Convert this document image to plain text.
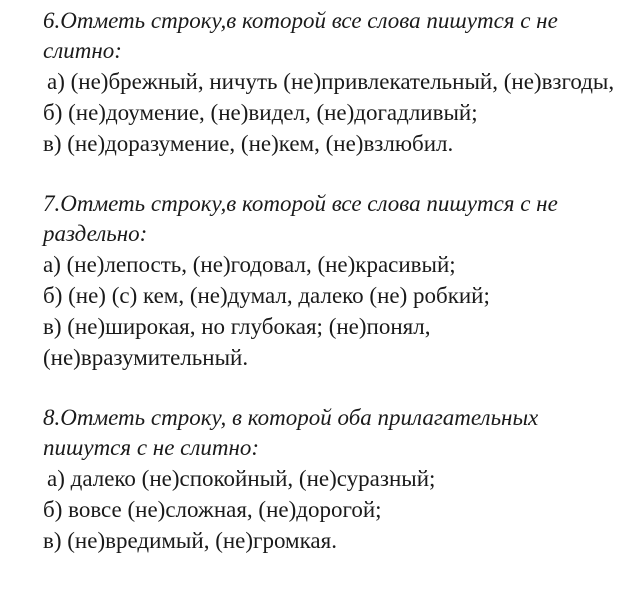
6.Отметь строку,в которой все слова пишутся с не слитно:

а) (не)брежный, ничуть (не)привлекательный, (не)взгоды,
б) (не)доумение, (не)видел, (не)догадливый;
в) (не)доразумение, (не)кем, (не)взлюбил.

7.Отметь строку,в которой все слова пишутся с не раздельно:

а) (не)лепость, (не)годовал, (не)красивый;
б) (не) (с) кем, (не)думал, далеко (не) робкий;
в) (не)широкая, но глубокая; (не)понял, (не)вразумительный.

8.Отметь строку, в которой оба прилагательных пишутся с не слитно:

а) далеко (не)спокойный, (не)суразный;
б) вовсе (не)сложная, (не)дорогой;
в) (не)вредимый, (не)громкая.
